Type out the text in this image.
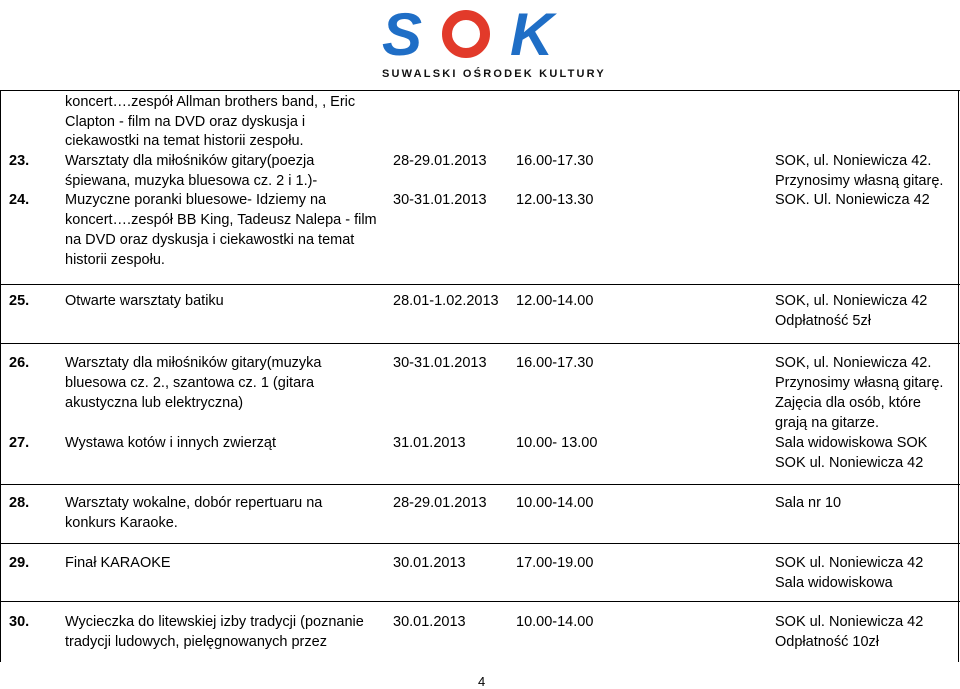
S K
SUWALSKI OŚRODEK KULTURY
koncert….zespół Allman brothers band, , Eric
Clapton - film na DVD oraz dyskusja i
ciekawostki na temat historii zespołu.
23. Warsztaty dla miłośników gitary(poezja
śpiewana, muzyka bluesowa cz. 2 i 1.)-
28-29.01.2013 16.00-17.30	SOK, ul. Noniewicza 42.
Przynosimy własną gitarę.
24. Muzyczne poranki bluesowe- Idziemy na
koncert….zespół BB King, Tadeusz Nalepa - film
na DVD oraz dyskusja i ciekawostki na temat
historii zespołu.
30-31.01.2013 12.00-13.30	SOK. Ul. Noniewicza 42
25. Otwarte warsztaty batiku	28.01-1.02.2013 12.00-14.00	SOK, ul. Noniewicza 42
Odpłatność 5zł
26. Warsztaty dla miłośników gitary(muzyka
bluesowa cz. 2., szantowa cz. 1 (gitara
akustyczna lub elektryczna)
30-31.01.2013 16.00-17.30	SOK, ul. Noniewicza 42.
Przynosimy własną gitarę.
Zajęcia dla osób, które
grają na gitarze.
27. Wystawa kotów i innych zwierząt	31.01.2013	10.00- 13.00	Sala widowiskowa SOK
SOK ul. Noniewicza 42
28. Warsztaty wokalne, dobór repertuaru na
konkurs Karaoke.
28-29.01.2013 10.00-14.00	Sala nr 10
29. Finał KARAOKE	30.01.2013	17.00-19.00	SOK ul. Noniewicza 42
Sala widowiskowa
30. Wycieczka do litewskiej izby tradycji (poznanie
tradycji ludowych, pielęgnowanych przez
30.01.2013	10.00-14.00	SOK ul. Noniewicza 42
Odpłatność 10zł
4
